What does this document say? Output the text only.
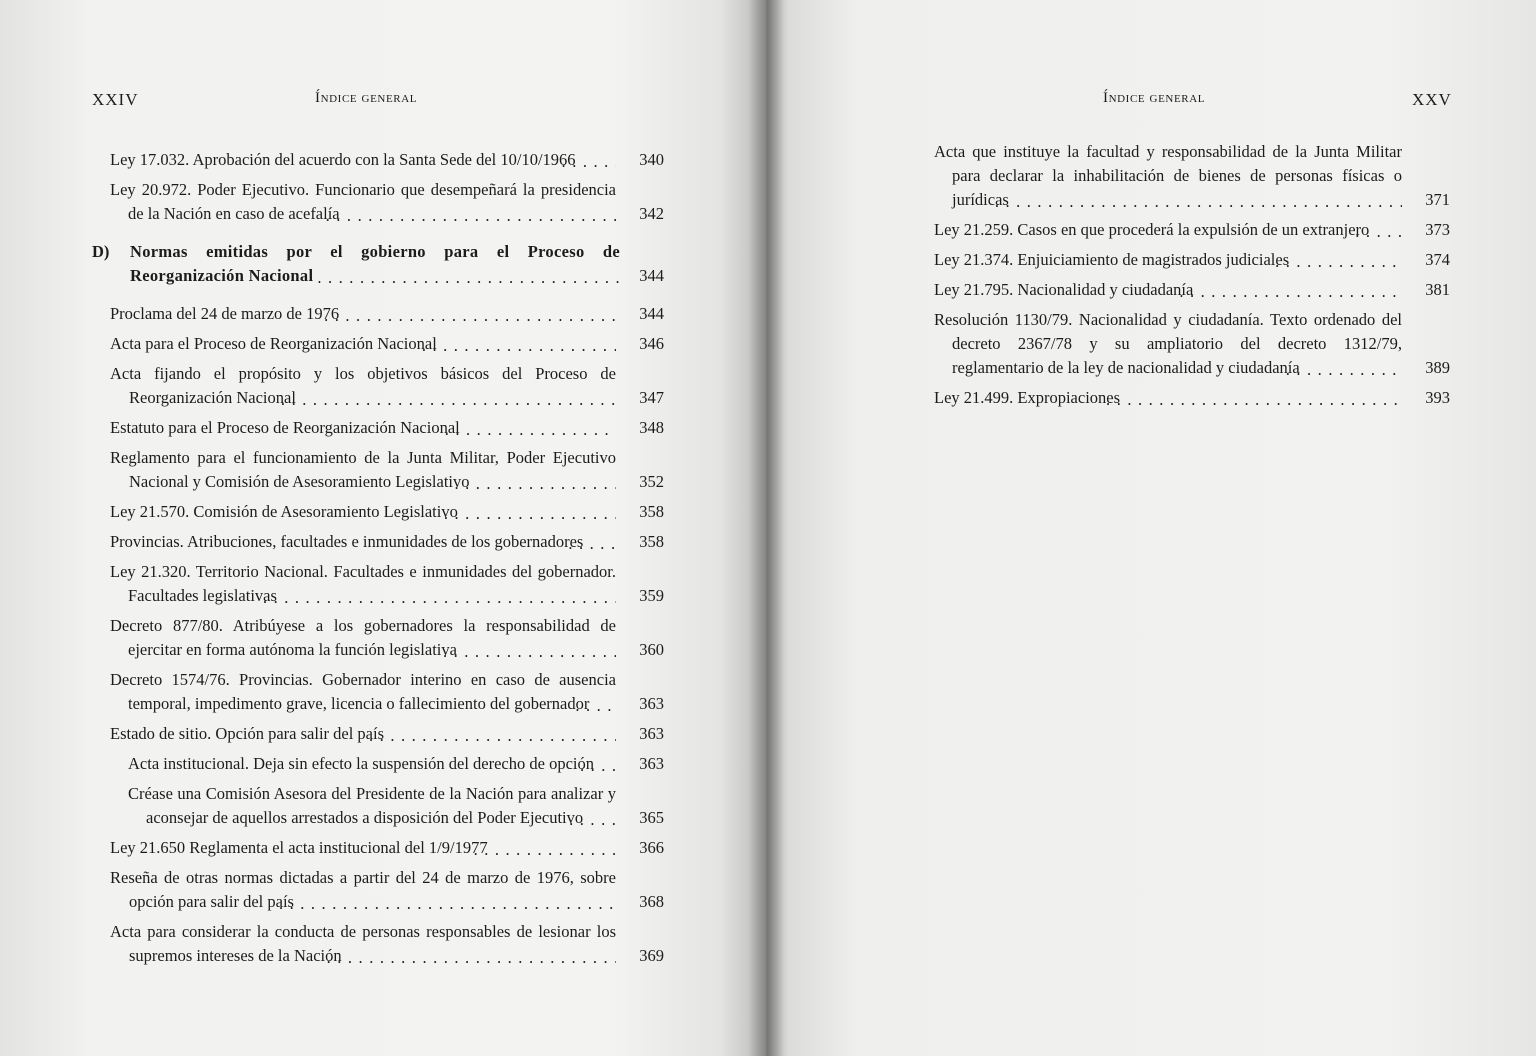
XXIV	Índice general
Ley 17.032. Aprobación del acuerdo con la Santa Sede del 10/10/1966 . . .	340
Ley 20.972. Poder Ejecutivo. Funcionario que desempeñará la presidencia de la Nación en caso de acefalía . . .	342
D)	Normas emitidas por el gobierno para el Proceso de Reorganización Nacional . . .	344
Proclama del 24 de marzo de 1976 . . .	344
Acta para el Proceso de Reorganización Nacional . . .	346
Acta fijando el propósito y los objetivos básicos del Proceso de Reorganización Nacional . . .	347
Estatuto para el Proceso de Reorganización Nacional . . .	348
Reglamento para el funcionamiento de la Junta Militar, Poder Ejecutivo Nacional y Comisión de Asesoramiento Legislativo . . .	352
Ley 21.570. Comisión de Asesoramiento Legislativo . . .	358
Provincias. Atribuciones, facultades e inmunidades de los gobernadores . . .	358
Ley 21.320. Territorio Nacional. Facultades e inmunidades del gobernador. Facultades legislativas . . .	359
Decreto 877/80. Atribúyese a los gobernadores la responsabilidad de ejercitar en forma autónoma la función legislativa . . .	360
Decreto 1574/76. Provincias. Gobernador interino en caso de ausencia temporal, impedimento grave, licencia o fallecimiento del gobernador . . .	363
Estado de sitio. Opción para salir del país . . .	363
Acta institucional. Deja sin efecto la suspensión del derecho de opción . . .	363
Créase una Comisión Asesora del Presidente de la Nación para analizar y aconsejar de aquellos arrestados a disposición del Poder Ejecutivo . . .	365
Ley 21.650 Reglamenta el acta institucional del 1/9/1977 . . .	366
Reseña de otras normas dictadas a partir del 24 de marzo de 1976, sobre opción para salir del país . . .	368
Acta para considerar la conducta de personas responsables de lesionar los supremos intereses de la Nación . . .	369
Índice general	XXV
Acta que instituye la facultad y responsabilidad de la Junta Militar para declarar la inhabilitación de bienes de personas físicas o jurídicas . . .	371
Ley 21.259. Casos en que procederá la expulsión de un extranjero . . .	373
Ley 21.374. Enjuiciamiento de magistrados judiciales . . .	374
Ley 21.795. Nacionalidad y ciudadanía . . .	381
Resolución 1130/79. Nacionalidad y ciudadanía. Texto ordenado del decreto 2367/78 y su ampliatorio del decreto 1312/79, reglamentario de la ley de nacionalidad y ciudadanía . . .	389
Ley 21.499. Expropiaciones . . .	393
